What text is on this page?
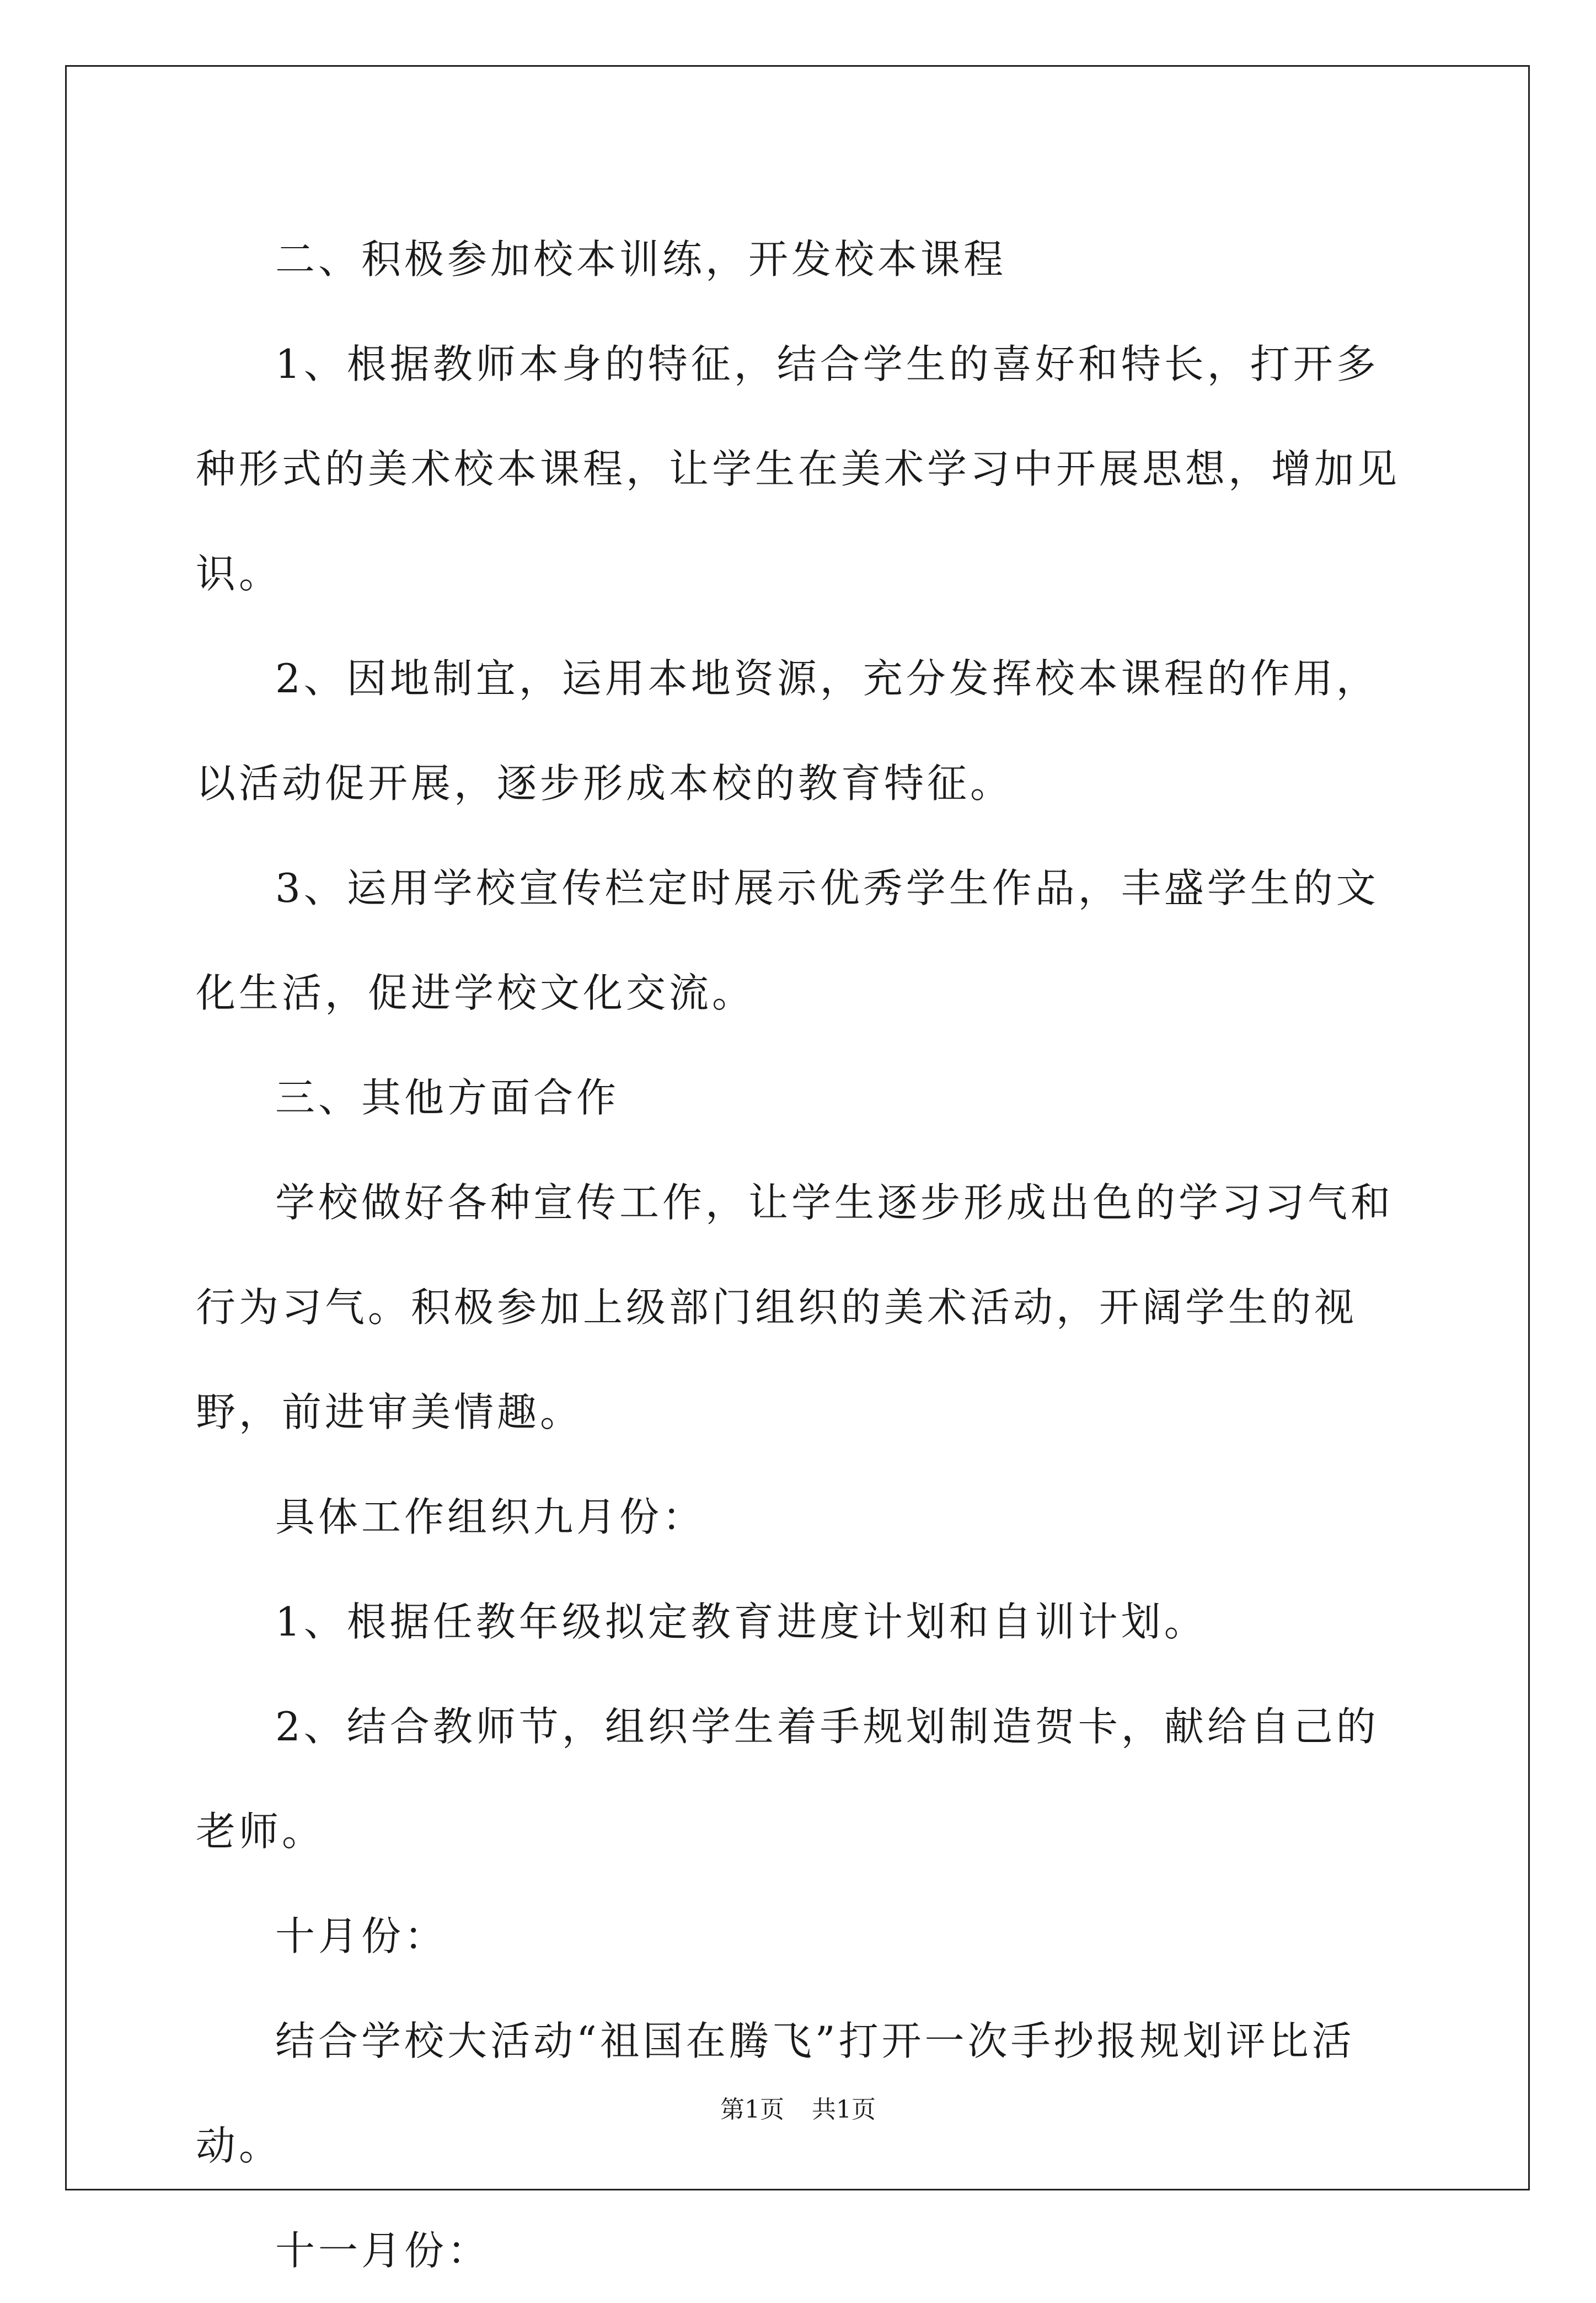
二、积极参加校本训练，开发校本课程

1、根据教师本身的特征，结合学生的喜好和特长，打开多种形式的美术校本课程，让学生在美术学习中开展思想，增加见识。

2、因地制宜，运用本地资源，充分发挥校本课程的作用，以活动促开展，逐步形成本校的教育特征。

3、运用学校宣传栏定时展示优秀学生作品，丰盛学生的文化生活，促进学校文化交流。

三、其他方面合作

学校做好各种宣传工作，让学生逐步形成出色的学习习气和行为习气。积极参加上级部门组织的美术活动，开阔学生的视野，前进审美情趣。

具体工作组织九月份：

1、根据任教年级拟定教育进度计划和自训计划。

2、结合教师节，组织学生着手规划制造贺卡，献给自己的老师。

十月份：

结合学校大活动“祖国在腾飞”打开一次手抄报规划评比活动。

十一月份：

第1页 共1页
